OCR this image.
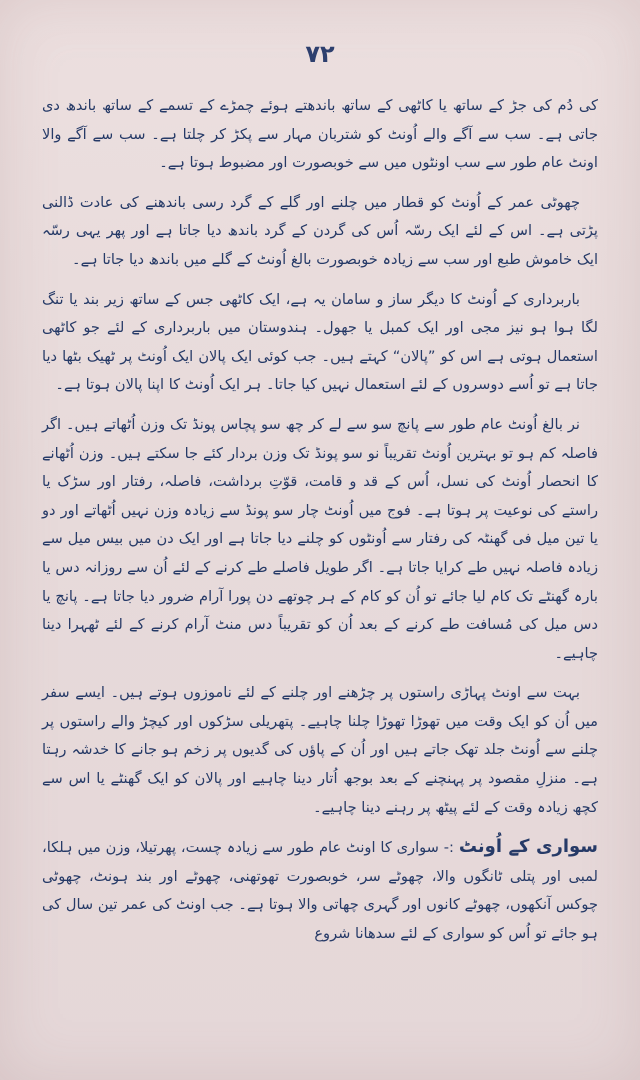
۷۲

کی دُم کی جڑ کے ساتھ یا کاٹھی کے ساتھ باندھتے ہوئے چمڑے کے تسمے کے ساتھ باندھ دی جاتی ہے۔ سب سے آگے والے اُونٹ کو شتربان مہار سے پکڑ کر چلتا ہے۔ سب سے آگے والا اونٹ عام طور سے سب اونٹوں میں سے خوبصورت اور مضبوط ہوتا ہے۔

چھوٹی عمر کے اُونٹ کو قطار میں چلنے اور گلے کے گرد رسی باندھنے کی عادت ڈالنی پڑتی ہے۔ اس کے لئے ایک رسّہ اُس کی گردن کے گرد باندھ دیا جاتا ہے اور پھر یہی رسّہ ایک خاموش طبع اور سب سے زیادہ خوبصورت بالغ اُونٹ کے گلے میں باندھ دیا جاتا ہے۔

باربرداری کے اُونٹ کا دیگر ساز و سامان یہ ہے، ایک کاٹھی جس کے ساتھ زیر بند یا تنگ لگا ہوا ہو نیز مجی اور ایک کمبل یا جھول۔ ہندوستان میں باربرداری کے لئے جو کاٹھی استعمال ہوتی ہے اس کو ”پالان“ کہتے ہیں۔ جب کوئی ایک پالان ایک اُونٹ پر ٹھیک بٹھا دیا جاتا ہے تو اُسے دوسروں کے لئے استعمال نہیں کیا جاتا۔ ہر ایک اُونٹ کا اپنا پالان ہوتا ہے۔

نر بالغ اُونٹ عام طور سے پانچ سو سے لے کر چھ سو پچاس پونڈ تک وزن اُٹھاتے ہیں۔ اگر فاصلہ کم ہو تو بہترین اُونٹ تقریباً نو سو پونڈ تک وزن بردار کئے جا سکتے ہیں۔ وزن اُٹھانے کا انحصار اُونٹ کی نسل، اُس کے قد و قامت، قوّتِ برداشت، فاصلہ، رفتار اور سڑک یا راستے کی نوعیت پر ہوتا ہے۔ فوج میں اُونٹ چار سو پونڈ سے زیادہ وزن نہیں اُٹھاتے اور دو یا تین میل فی گھنٹہ کی رفتار سے اُونٹوں کو چلنے دیا جاتا ہے اور ایک دن میں بیس میل سے زیادہ فاصلہ نہیں طے کرایا جاتا ہے۔ اگر طویل فاصلے طے کرنے کے لئے اُن سے روزانہ دس یا بارہ گھنٹے تک کام لیا جائے تو اُن کو کام کے ہر چوتھے دن پورا آرام ضرور دیا جاتا ہے۔ پانچ یا دس میل کی مُسافت طے کرنے کے بعد اُن کو تقریباً دس منٹ آرام کرنے کے لئے ٹھہرا دینا چاہیے۔

بہت سے اونٹ پہاڑی راستوں پر چڑھنے اور چلنے کے لئے ناموزوں ہوتے ہیں۔ ایسے سفر میں اُن کو ایک وقت میں تھوڑا تھوڑا چلنا چاہیے۔ پتھریلی سڑکوں اور کیچڑ والے راستوں پر چلنے سے اُونٹ جلد تھک جاتے ہیں اور اُن کے پاؤں کی گدیوں پر زخم ہو جانے کا خدشہ رہتا ہے۔ منزلِ مقصود پر پہنچنے کے بعد بوجھ اُتار دینا چاہیے اور پالان کو ایک گھنٹے یا اس سے کچھ زیادہ وقت کے لئے پیٹھ پر رہنے دینا چاہیے۔

سواری کے اُونٹ :- سواری کا اونٹ عام طور سے زیادہ چست، پھرتیلا، وزن میں ہلکا، لمبی اور پتلی ٹانگوں والا، چھوٹے سر، خوبصورت تھوتھنی، چھوٹے اور بند ہونٹ، چھوٹی چوکس آنکھوں، چھوٹے کانوں اور گہری چھاتی والا ہوتا ہے۔ جب اونٹ کی عمر تین سال کی ہو جائے تو اُس کو سواری کے لئے سدھانا شروع
